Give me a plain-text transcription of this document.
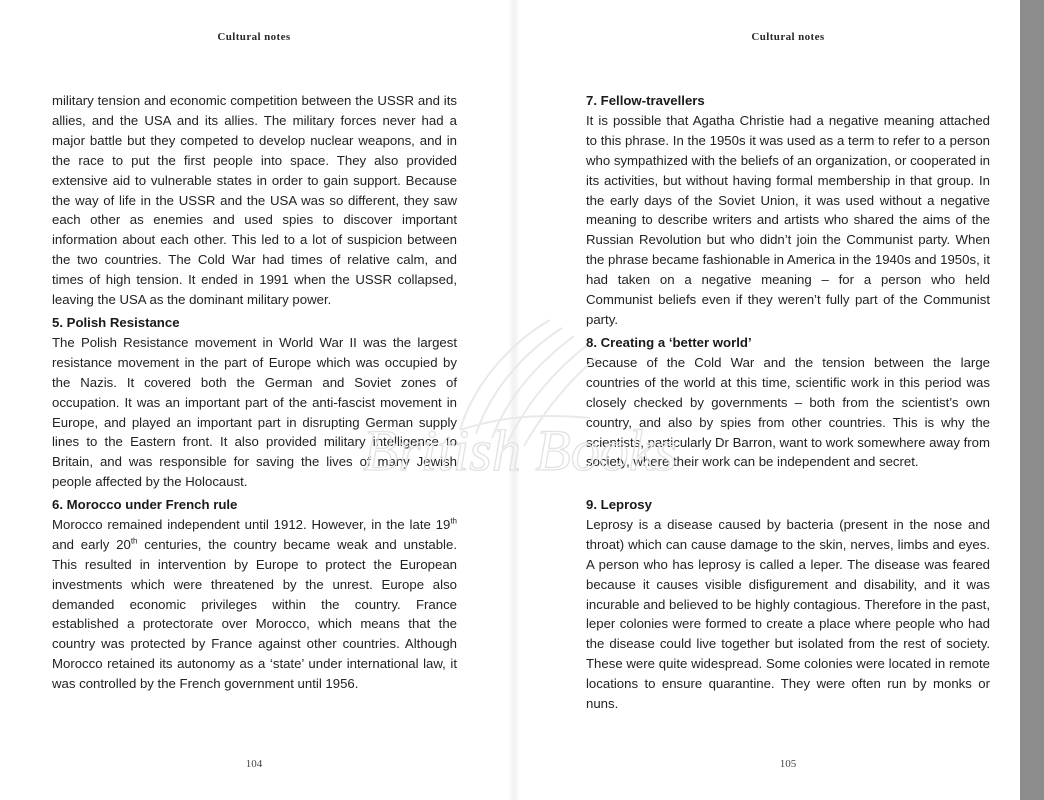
Cultural notes

military tension and economic competition between the USSR and its allies, and the USA and its allies. The military forces never had a major battle but they competed to develop nuclear weapons, and in the race to put the first people into space. They also provided extensive aid to vulnerable states in order to gain support. Because the way of life in the USSR and the USA was so different, they saw each other as enemies and used spies to discover important information about each other. This led to a lot of suspicion between the two countries. The Cold War had times of relative calm, and times of high tension. It ended in 1991 when the USSR collapsed, leaving the USA as the dominant military power.

5. Polish Resistance

The Polish Resistance movement in World War II was the largest resistance movement in the part of Europe which was occupied by the Nazis. It covered both the German and Soviet zones of occupation. It was an important part of the anti-fascist movement in Europe, and played an important part in disrupting German supply lines to the Eastern front. It also provided military intelligence to Britain, and was responsible for saving the lives of many Jewish people affected by the Holocaust.

6. Morocco under French rule

Morocco remained independent until 1912. However, in the late 19th and early 20th centuries, the country became weak and unstable. This resulted in intervention by Europe to protect the European investments which were threatened by the unrest. Europe also demanded economic privileges within the country. France established a protectorate over Morocco, which means that the country was protected by France against other countries. Although Morocco retained its autonomy as a ‘state’ under international law, it was controlled by the French government until 1956.

104
Cultural notes

7. Fellow-travellers

It is possible that Agatha Christie had a negative meaning attached to this phrase. In the 1950s it was used as a term to refer to a person who sympathized with the beliefs of an organization, or cooperated in its activities, but without having formal membership in that group. In the early days of the Soviet Union, it was used without a negative meaning to describe writers and artists who shared the aims of the Russian Revolution but who didn’t join the Communist party. When the phrase became fashionable in America in the 1940s and 1950s, it had taken on a negative meaning – for a person who held Communist beliefs even if they weren’t fully part of the Communist party.

8. Creating a ‘better world’

Because of the Cold War and the tension between the large countries of the world at this time, scientific work in this period was closely checked by governments – both from the scientist’s own country, and also by spies from other countries. This is why the scientists, particularly Dr Barron, want to work somewhere away from society, where their work can be independent and secret.

9. Leprosy

Leprosy is a disease caused by bacteria (present in the nose and throat) which can cause damage to the skin, nerves, limbs and eyes. A person who has leprosy is called a leper. The disease was feared because it causes visible disfigurement and disability, and it was incurable and believed to be highly contagious. Therefore in the past, leper colonies were formed to create a place where people who had the disease could live together but isolated from the rest of society. These were quite widespread. Some colonies were located in remote locations to ensure quarantine. They were often run by monks or nuns.

105
British Books
